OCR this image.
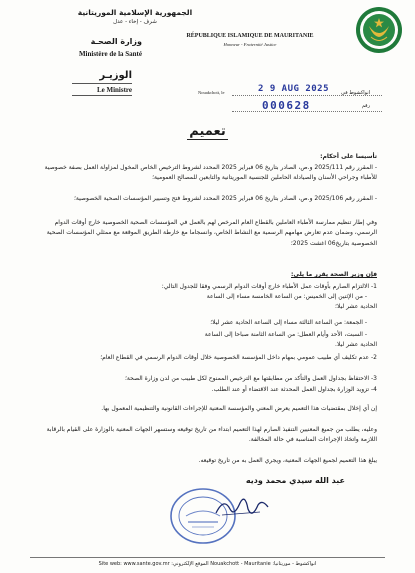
الجمهورية الإسلامية الموريتانية
شرف - إخاء - عدل
RÉPUBLIQUE ISLAMIQUE DE MAURITANIE
Honneur - Fraternité Justice
وزارة الصحـة
Ministère de la Santé
الوزيـر
Le Ministre	Nouakchott, le	انواكشوط في
2 9 AUG 2025
000628	رقم
تعميم
تأسيسا على أحكام:
- المقرر رقم 2025/111 و.ص، الصادر بتاريخ 06 فبراير 2025 المحدد لشروط الترخيص الخاص المخول لمزاولة العمل بصفة خصوصية للأطباء وجراحي الأسنان والصيادلة الحاملين للجنسية الموريتانية والتابعين للمصالح العمومية؛
- المقرر رقم 2025/106 و.ص، الصادر بتاريخ 06 فبراير 2025 المحدد لشروط فتح وتسيير المؤسسات الصحية الخصوصية؛
وفي إطار تنظيم ممارسة الأطباء العاملين بالقطاع العام المرخص لهم بالعمل في المؤسسات الصحية الخصوصية خارج أوقات الدوام الرسمي، وضمان عدم تعارض مهامهم الرسمية مع النشاط الخاص، وانسجاما مع خارطة الطريق الموقعة مع ممثلي المؤسسات الصحية الخصوصية بتاريخ06 اغشت 2025؛
فإن وزير الصحة يقرر ما يلي:
1- الالتزام الصارم بأوقات عمل الأطباء خارج أوقات الدوام الرسمي وفقا للجدول التالي:
- من الإثنين إلى الخميس: من الساعة الخامسة مساء إلى الساعة
الحادية عشر ليلا؛
- الجمعة: من الساعة الثالثة مساء إلى الساعة الحادية عشر ليلا؛
- السبت، الأحد وأيام العطل: من الساعة الثامنة صباحا إلى الساعة
الحادية عشر ليلا.
2- عدم تكليف أي طبيب عمومي بمهام داخل المؤسسة الخصوصية خلال أوقات الدوام الرسمي في القطاع العام؛
3- الاحتفاظ بجداول العمل والتأكد من مطابقتها مع الترخيص الممنوح لكل طبيب من لدن وزارة الصحة؛
4- تزويد الوزارة بجداول العمل المحدثة عند الاقتضاء أو عند الطلب.
إن أي إخلال بمقتضيات هذا التعميم يعرض المعني والمؤسسة المعنية للإجراءات القانونية والتنظيمية المعمول بها.
وعليه، يطلب من جميع المعنيين التنفيذ الصارم لهذا التعميم ابتداء من تاريخ توقيعه وستسهر الجهات المعنية بالوزارة على القيام بالرقابة اللازمة واتخاذ الإجراءات المناسبة في حالة المخالفة.
يبلغ هذا التعميم لجميع الجهات المعنية، ويجري العمل به من تاريخ توقيعه.
عبد الله سيدي محمد وديه
Site web: www.sante.gov.mr :الموقع الإلكتروني Nouakchott - Mauritanie :انواكشوط - موريتانيا
